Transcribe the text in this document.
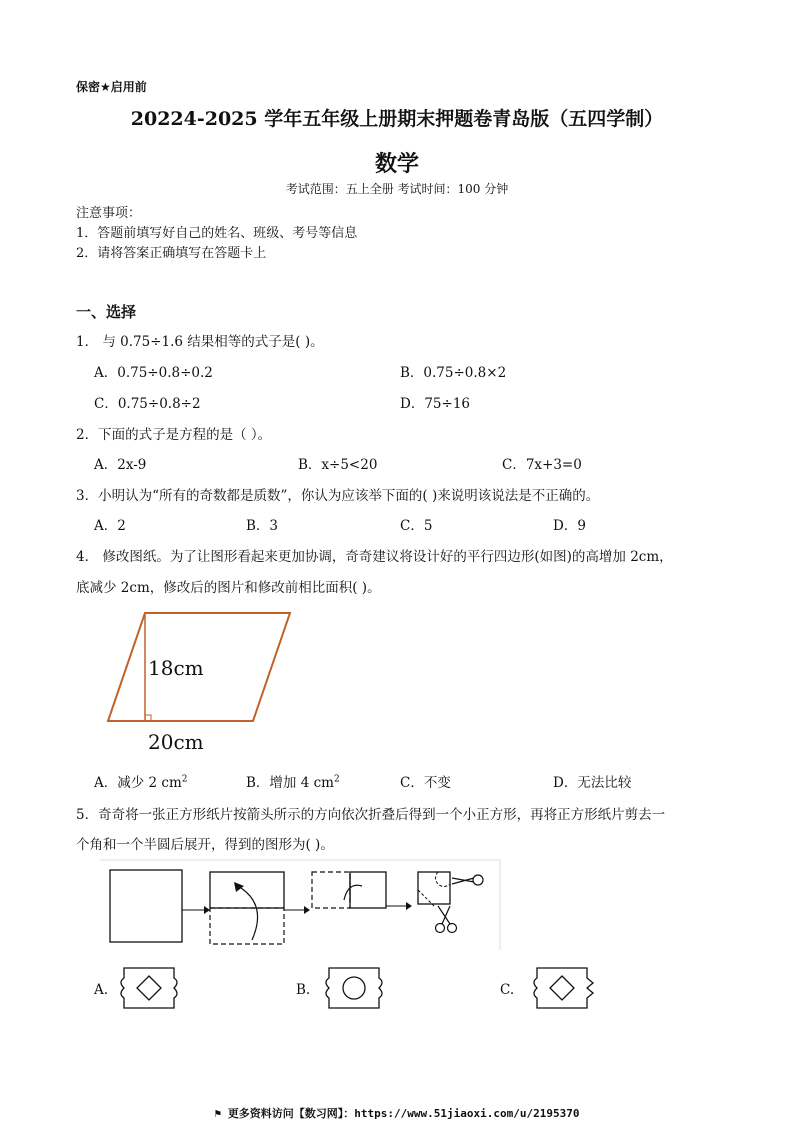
保密★启用前
20224-2025 学年五年级上册期末押题卷青岛版（五四学制）
数学
考试范围：五上全册 考试时间：100 分钟
注意事项：
1．答题前填写好自己的姓名、班级、考号等信息
2．请将答案正确填写在答题卡上
一、选择
1． 与 0.75÷1.6 结果相等的式子是( )。
A．0.75÷0.8÷0.2	B．0.75÷0.8×2
C．0.75÷0.8÷2	D．75÷16
2．下面的式子是方程的是（ ）。
A．2x-9	B．x÷5<20	C．7x+3=0
3．小明认为“所有的奇数都是质数”，你认为应该举下面的( )来说明该说法是不正确的。
A．2	B．3	C．5	D．9
4． 修改图纸。为了让图形看起来更加协调，奇奇建议将设计好的平行四边形(如图)的高增加 2cm，
底减少 2cm，修改后的图片和修改前相比面积( )。
18cm
20cm
A．减少 2 $cm^2$	B．增加 4 $cm^2$	C．不变	D．无法比较
5．奇奇将一张正方形纸片按箭头所示的方向依次折叠后得到一个小正方形，再将正方形纸片剪去一
个角和一个半圆后展开，得到的图形为( )。
A.	B.	C.
⚑ 更多资料访问【数习网】：https://www.51jiaoxi.com/u/2195370
